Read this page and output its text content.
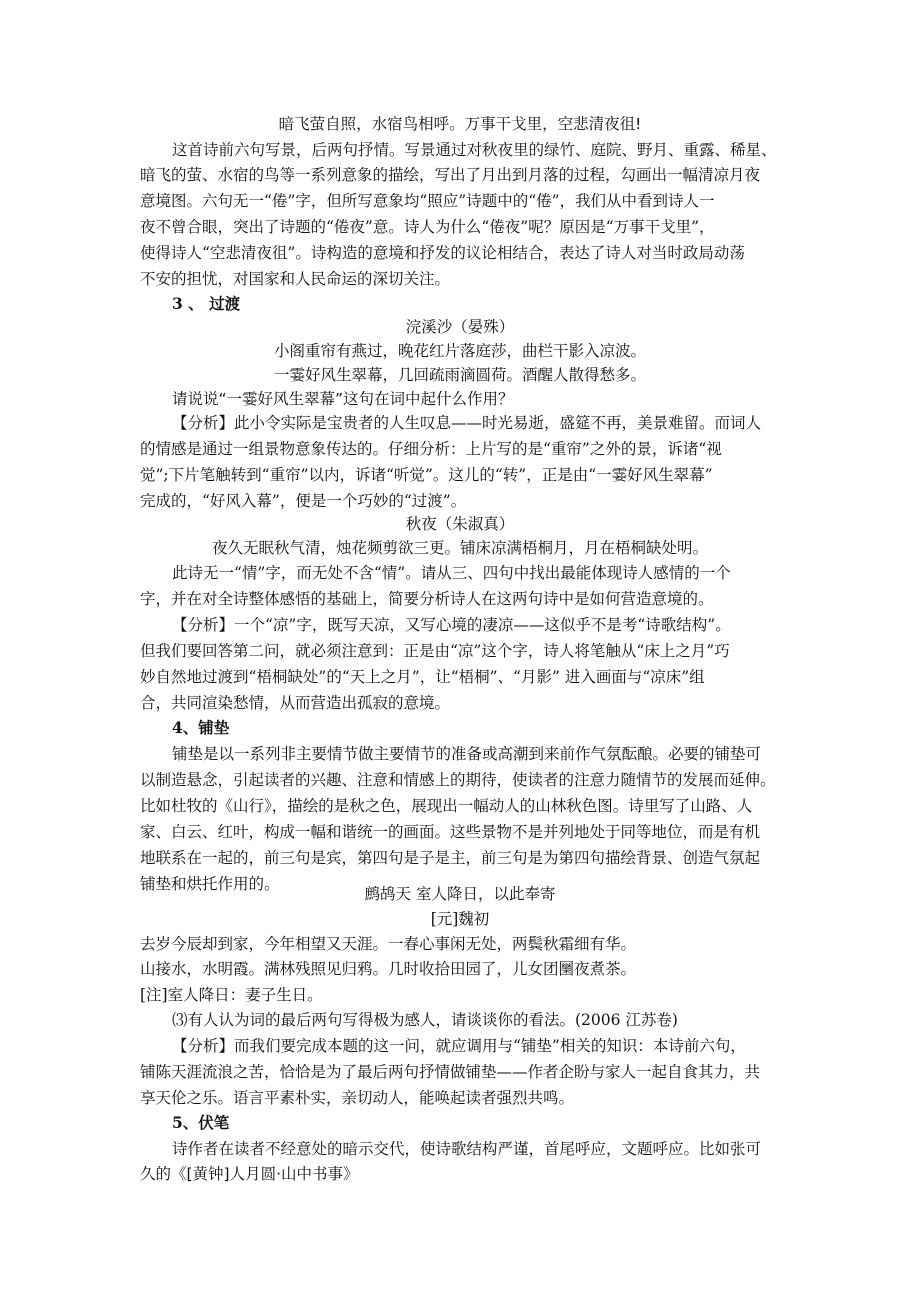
暗飞萤自照，水宿鸟相呼。万事干戈里，空悲清夜徂!
这首诗前六句写景，后两句抒情。写景通过对秋夜里的绿竹、庭院、野月、重露、稀星、
暗飞的萤、水宿的鸟等一系列意象的描绘，写出了月出到月落的过程，勾画出一幅清凉月夜
意境图。六句无一“倦”字，但所写意象均“照应”诗题中的“倦”，我们从中看到诗人一
夜不曾合眼，突出了诗题的“倦夜”意。诗人为什么“倦夜”呢？原因是“万事干戈里”，
使得诗人“空悲清夜徂”。诗构造的意境和抒发的议论相结合，表达了诗人对当时政局动荡
不安的担忧，对国家和人民命运的深切关注。
3 、 过渡
浣溪沙（晏殊）
小阁重帘有燕过，晚花红片落庭莎，曲栏干影入凉波。
一霎好风生翠幕，几回疏雨滴圆荷。酒醒人散得愁多。
请说说“一霎好风生翠幕”这句在词中起什么作用？
【分析】此小令实际是宝贵者的人生叹息——时光易逝，盛筵不再，美景难留。而词人
的情感是通过一组景物意象传达的。仔细分析：上片写的是“重帘”之外的景，诉诸“视
觉”;下片笔触转到“重帘”以内，诉诸“听觉”。这儿的“转”，正是由“一霎好风生翠幕”
完成的，“好风入幕”，便是一个巧妙的“过渡”。
秋夜（朱淑真）
夜久无眠秋气清，烛花频剪欲三更。铺床凉满梧桐月，月在梧桐缺处明。
此诗无一“情”字，而无处不含“情”。请从三、四句中找出最能体现诗人感情的一个
字，并在对全诗整体感悟的基础上，简要分析诗人在这两句诗中是如何营造意境的。
【分析】一个“凉”字，既写天凉，又写心境的凄凉——这似乎不是考“诗歌结构”。
但我们要回答第二问，就必须注意到：正是由“凉”这个字，诗人将笔触从“床上之月”巧
妙自然地过渡到“梧桐缺处”的“天上之月”，让“梧桐”、“月影” 进入画面与“凉床”组
合，共同渲染愁情，从而营造出孤寂的意境。
4、铺垫
铺垫是以一系列非主要情节做主要情节的准备或高潮到来前作气氛酝酿。必要的铺垫可
以制造悬念，引起读者的兴趣、注意和情感上的期待，使读者的注意力随情节的发展而延伸。
比如杜牧的《山行》，描绘的是秋之色，展现出一幅动人的山林秋色图。诗里写了山路、人
家、白云、红叶，构成一幅和谐统一的画面。这些景物不是并列地处于同等地位，而是有机
地联系在一起的，前三句是宾，第四句是子是主，前三句是为第四句描绘背景、创造气氛起
铺垫和烘托作用的。
鹧鸪天 室人降日，以此奉寄
[元]魏初
去岁今辰却到家，今年相望又天涯。一春心事闲无处，两鬓秋霜细有华。
山接水，水明霞。满林残照见归鸦。几时收拾田园了，儿女团圞夜煮茶。
[注]室人降日：妻子生日。
⑶有人认为词的最后两句写得极为感人，请谈谈你的看法。(2006 江苏卷)
【分析】而我们要完成本题的这一问，就应调用与“铺垫”相关的知识：本诗前六句，
铺陈天涯流浪之苦，恰恰是为了最后两句抒情做铺垫——作者企盼与家人一起自食其力，共
享天伦之乐。语言平素朴实，亲切动人，能唤起读者强烈共鸣。
5、伏笔
诗作者在读者不经意处的暗示交代，使诗歌结构严谨，首尾呼应，文题呼应。比如张可
久的《[黄钟]人月圆·山中书事》
